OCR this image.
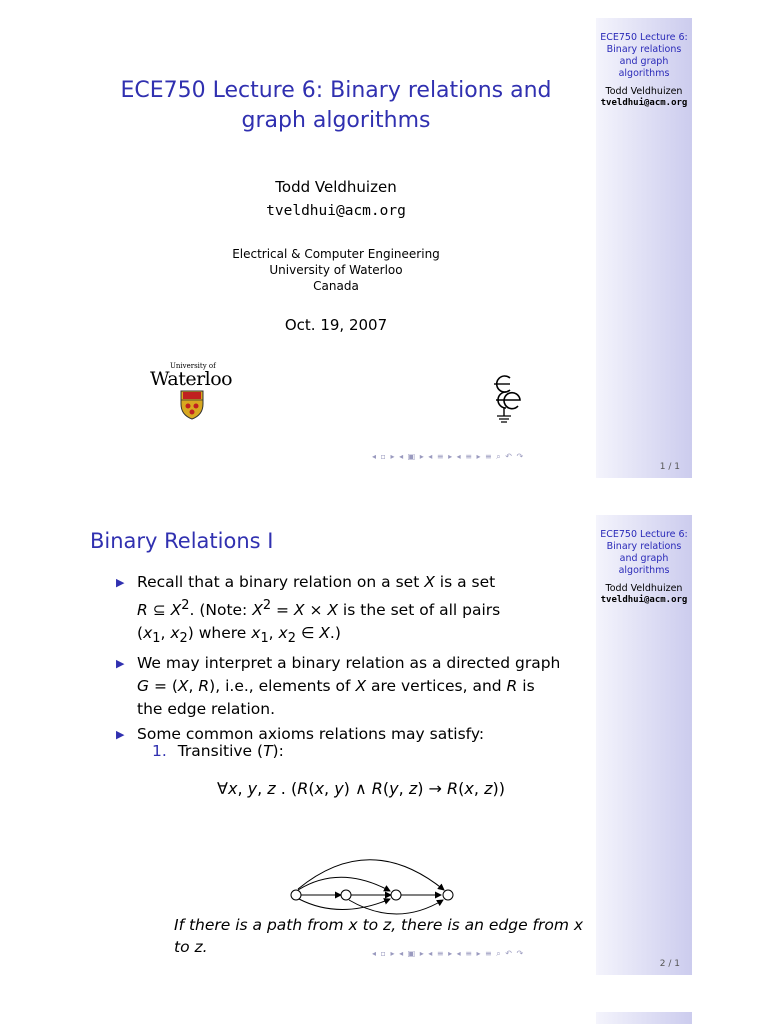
ECE750 Lecture 6:
Binary relations
and graph
algorithms
Todd Veldhuizen
tveldhui@acm.org
1 / 1
ECE750 Lecture 6: Binary relations and
graph algorithms
Todd Veldhuizen
tveldhui@acm.org
Electrical & Computer Engineering
University of Waterloo
Canada
Oct. 19, 2007
University of
Waterloo
◂ ▫ ▸ ◂ ▣ ▸ ◂ ≡ ▸ ◂ ≡ ▸ ≡ ⌕ ↶ ↷
ECE750 Lecture 6:
Binary relations
and graph
algorithms
Todd Veldhuizen
tveldhui@acm.org
2 / 1
Binary Relations I
▶ Recall that a binary relation on a set X is a set
R ⊆ $X^2$. (Note: $X^2 = X \times X$ is the set of all pairs
($x_1$, $x_2$) where $x_1$, $x_2$ ∈ X.)
▶ We may interpret a binary relation as a directed graph
G = (X, R), i.e., elements of X are vertices, and R is
the edge relation.
▶ Some common axioms relations may satisfy:
1. Transitive (T):
∀x, y, z . (R(x, y) ∧ R(y, z) → R(x, z))
If there is a path from x to z, there is an edge from x to z.	◂ ▫ ▸ ◂ ▣ ▸ ◂ ≡ ▸ ◂ ≡ ▸ ≡ ⌕ ↶ ↷
